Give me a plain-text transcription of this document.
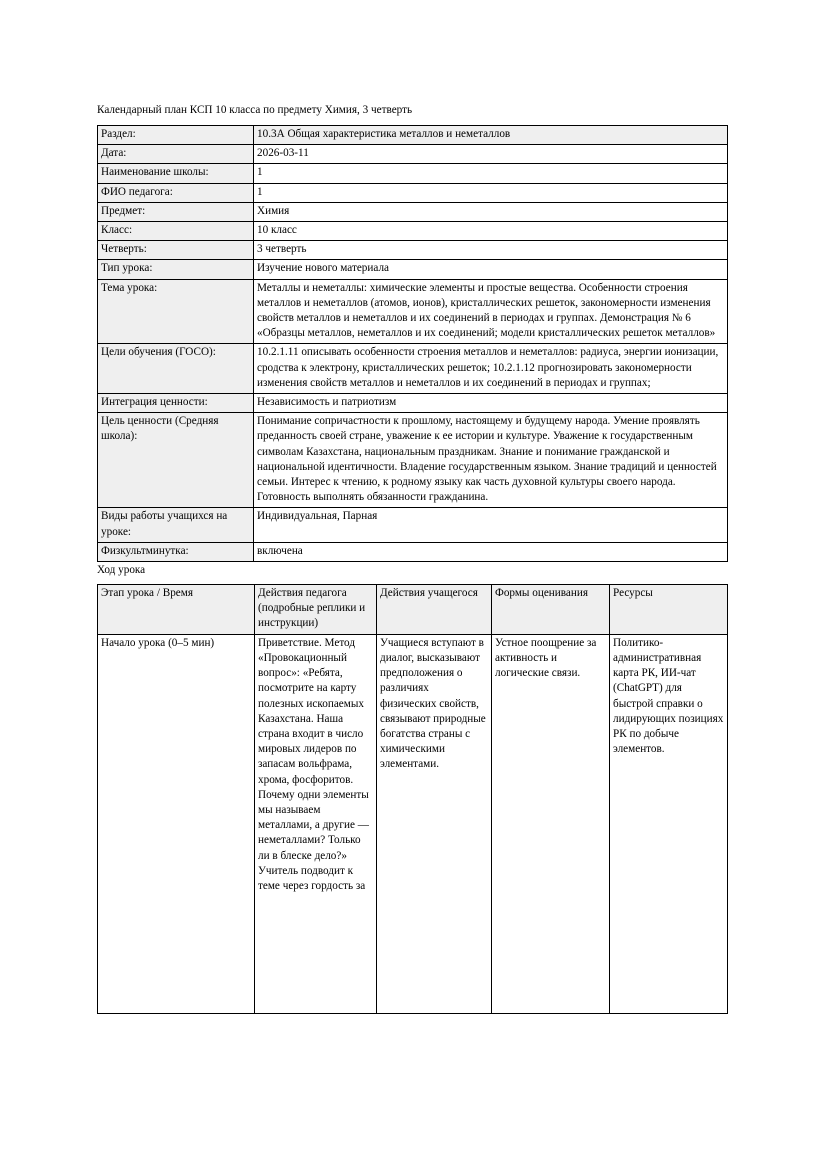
Календарный план КСП 10 класса по предмету Химия, 3 четверть
Раздел:	10.3А Общая характеристика металлов и неметаллов
Дата:	2026-03-11
Наименование школы:	1
ФИО педагога:	1
Предмет:	Химия
Класс:	10 класс
Четверть:	3 четверть
Тип урока:	Изучение нового материала
Тема урока:	Металлы и неметаллы: химические элементы и простые вещества. Особенности строения металлов и неметаллов (атомов, ионов), кристаллических решеток, закономерности изменения свойств металлов и неметаллов и их соединений в периодах и группах. Демонстрация № 6 «Образцы металлов, неметаллов и их соединений; модели кристаллических решеток металлов»
Цели обучения (ГОСО):	10.2.1.11 описывать особенности строения металлов и неметаллов: радиуса, энергии ионизации, сродства к электрону, кристаллических решеток; 10.2.1.12 прогнозировать закономерности изменения свойств металлов и неметаллов и их соединений в периодах и группах;
Интеграция ценности:	Независимость и патриотизм
Цель ценности (Средняя школа):	Понимание сопричастности к прошлому, настоящему и будущему народа. Умение проявлять преданность своей стране, уважение к ее истории и культуре. Уважение к государственным символам Казахстана, национальным праздникам. Знание и понимание гражданской и национальной идентичности. Владение государственным языком. Знание традиций и ценностей семьи. Интерес к чтению, к родному языку как часть духовной культуры своего народа. Готовность выполнять обязанности гражданина.
Виды работы учащихся на уроке:	Индивидуальная, Парная
Физкультминутка:	включена
Ход урока
Этап урока / Время	Действия педагога (подробные реплики и инструкции)	Действия учащегося	Формы оценивания	Ресурсы
Начало урока (0–5 мин)	Приветствие. Метод «Провокационный вопрос»: «Ребята, посмотрите на карту полезных ископаемых Казахстана. Наша страна входит в число мировых лидеров по запасам вольфрама, хрома, фосфоритов. Почему одни элементы мы называем металлами, а другие — неметаллами? Только ли в блеске дело?» Учитель подводит к теме через гордость за	Учащиеся вступают в диалог, высказывают предположения о различиях физических свойств, связывают природные богатства страны с химическими элементами.	Устное поощрение за активность и логические связи.	Политико-административная карта РК, ИИ-чат (ChatGPT) для быстрой справки о лидирующих позициях РК по добыче элементов.
